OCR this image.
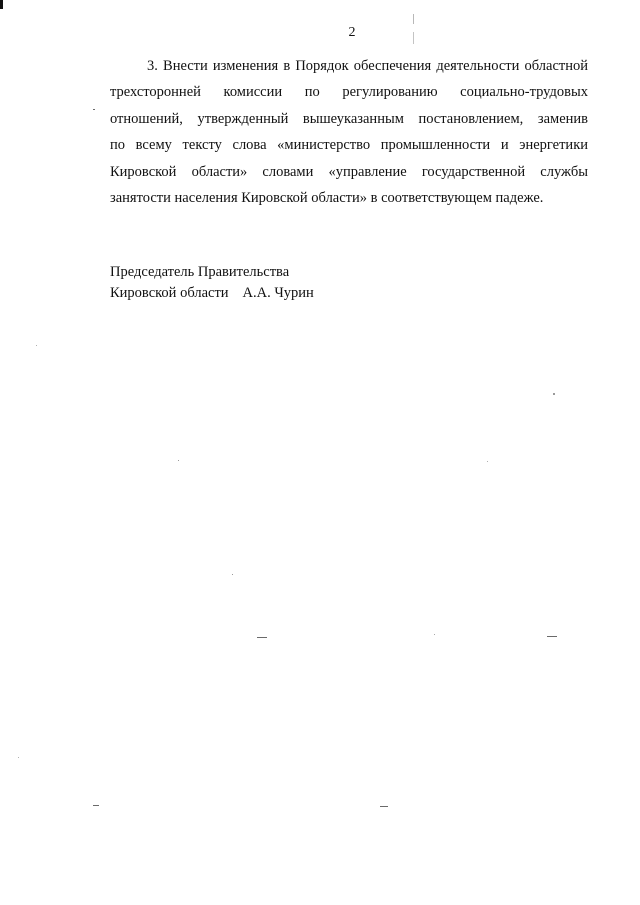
2
3. Внести изменения в Порядок обеспечения деятельности областной
трехсторонней комиссии по регулированию социально-трудовых
отношений, утвержденный вышеуказанным постановлением, заменив
по всему тексту слова «министерство промышленности и энергетики
Кировской области» словами «управление государственной службы
занятости населения Кировской области» в соответствующем падеже.
Председатель Правительства
Кировской области А.А. Чурин
